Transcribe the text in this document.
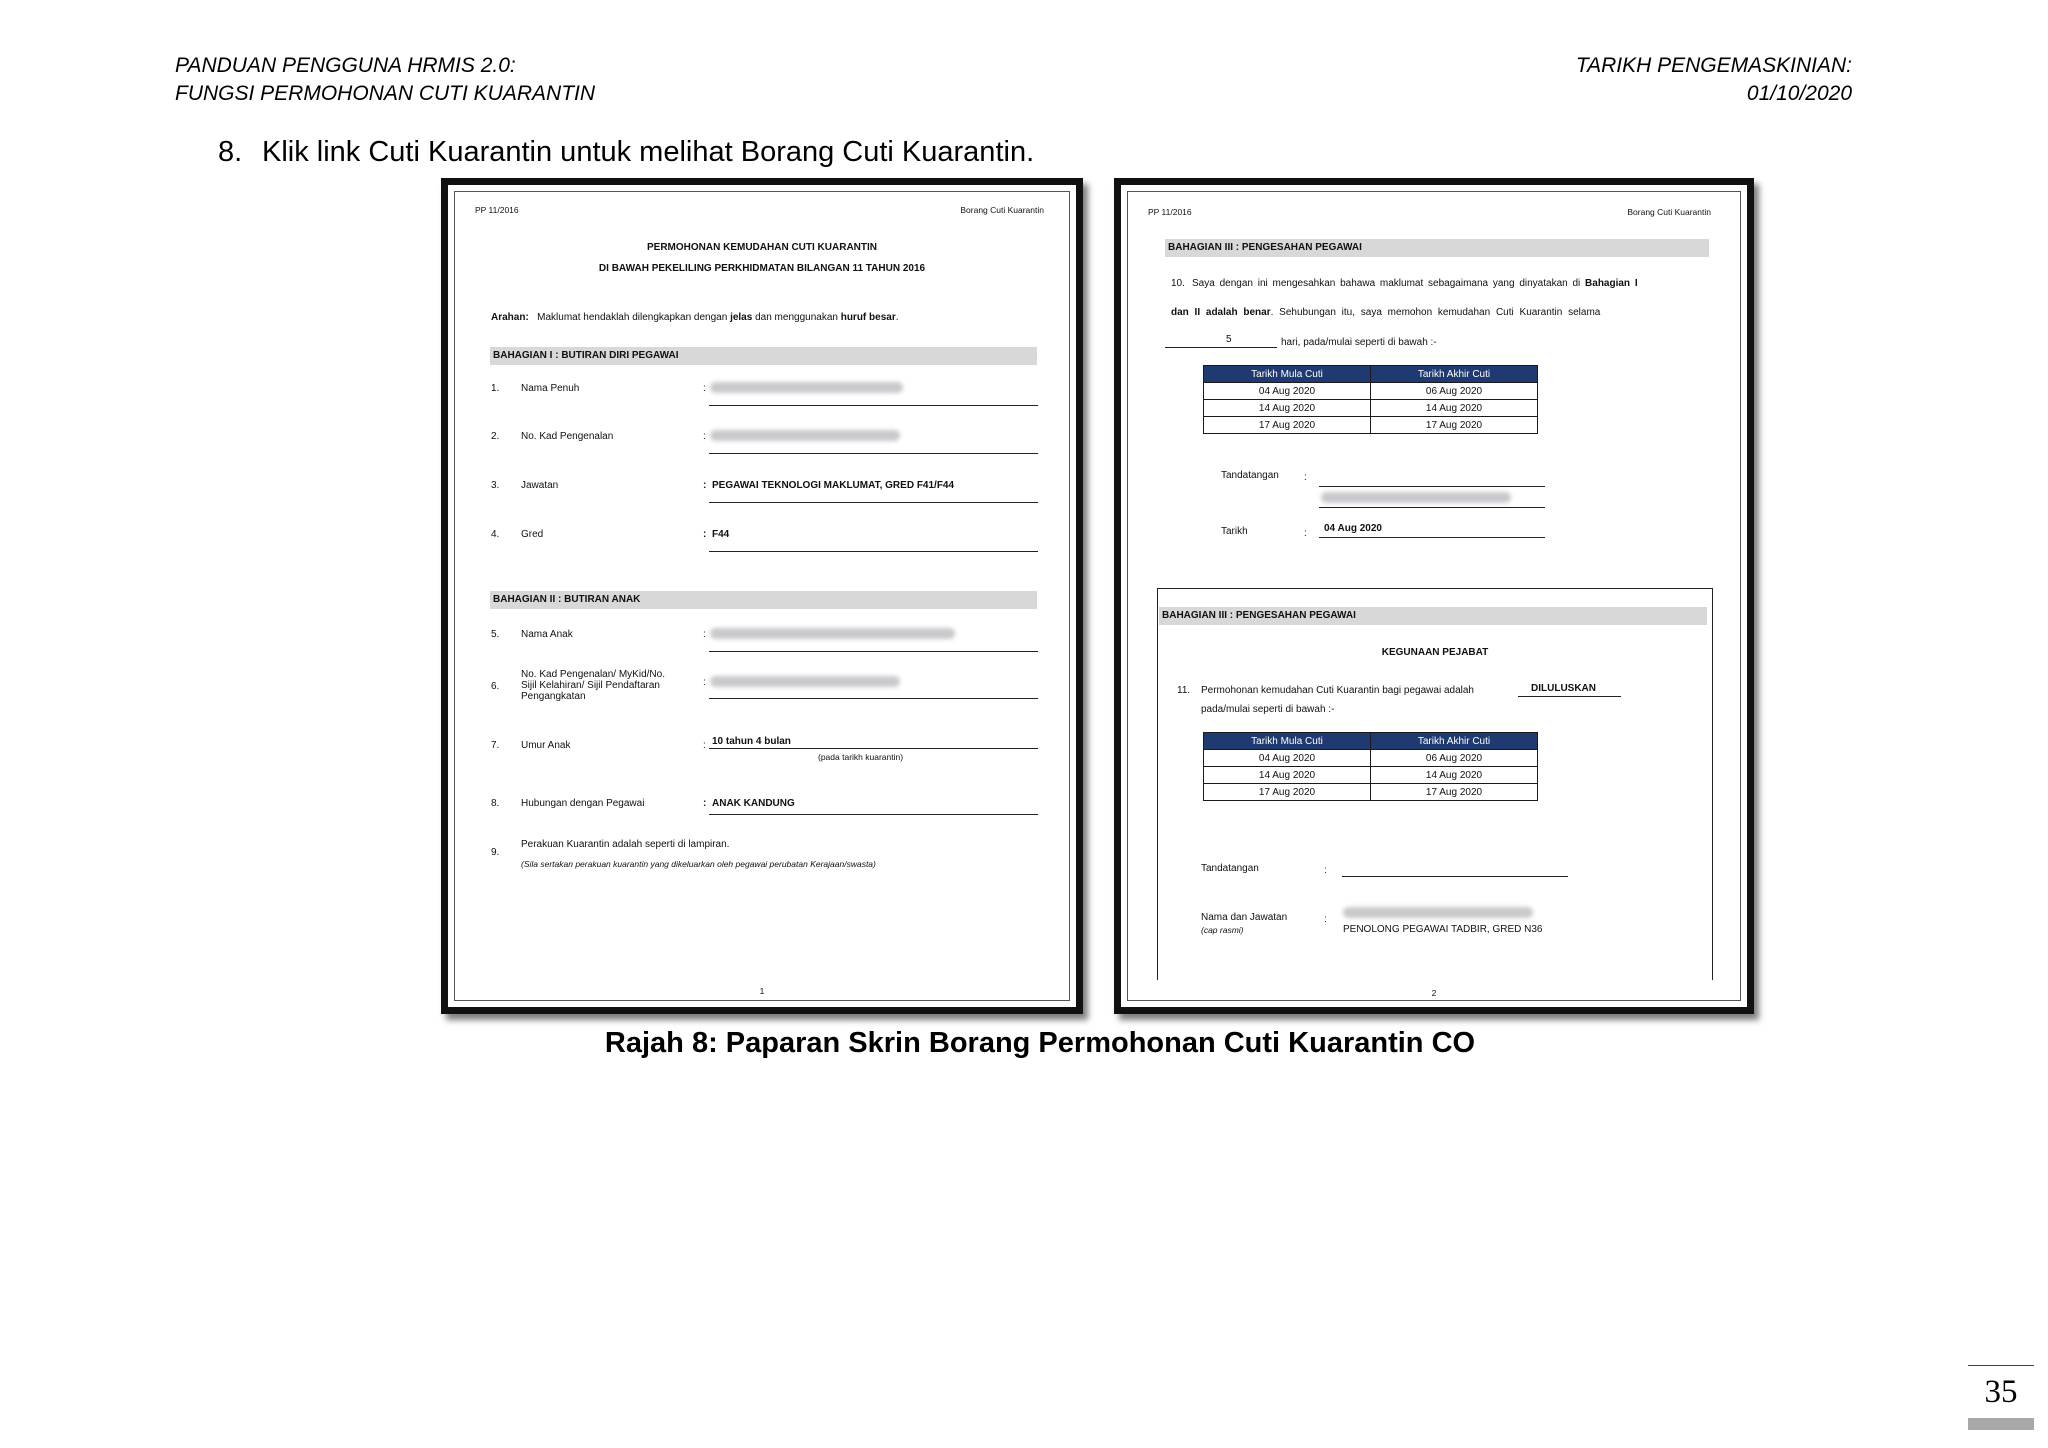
PANDUAN PENGGUNA HRMIS 2.0:
FUNGSI PERMOHONAN CUTI KUARANTIN
TARIKH PENGEMASKINIAN:
01/10/2020
8. Klik link Cuti Kuarantin untuk melihat Borang Cuti Kuarantin.
PP 11/2016	Borang Cuti Kuarantin
PERMOHONAN KEMUDAHAN CUTI KUARANTIN
DI BAWAH PEKELILING PERKHIDMATAN BILANGAN 11 TAHUN 2016
Arahan: Maklumat hendaklah dilengkapkan dengan jelas dan menggunakan huruf besar.
BAHAGIAN I : BUTIRAN DIRI PEGAWAI
1. Nama Penuh	:
2. No. Kad Pengenalan	:
3. Jawatan	: PEGAWAI TEKNOLOGI MAKLUMAT, GRED F41/F44
4. Gred	: F44
BAHAGIAN II : BUTIRAN ANAK
5. Nama Anak	:
6.
No. Kad Pengenalan/ MyKid/No.
Sijil Kelahiran/ Sijil Pendaftaran
Pengangkatan
:
7. Umur Anak	: 10 tahun 4 bulan
(pada tarikh kuarantin)
8. Hubungan dengan Pegawai	: ANAK KANDUNG
9.
Perakuan Kuarantin adalah seperti di lampiran.
(Sila sertakan perakuan kuarantin yang dikeluarkan oleh pegawai perubatan Kerajaan/swasta)
1
PP 11/2016	Borang Cuti Kuarantin
BAHAGIAN III : PENGESAHAN PEGAWAI
10. Saya dengan ini mengesahkan bahawa maklumat sebagaimana yang dinyatakan di Bahagian I
dan II adalah benar. Sehubungan itu, saya memohon kemudahan Cuti Kuarantin selama
5	hari, pada/mulai seperti di bawah :-
Tarikh Mula Cuti	Tarikh Akhir Cuti
04 Aug 2020	06 Aug 2020
14 Aug 2020	14 Aug 2020
17 Aug 2020	17 Aug 2020
Tandatangan	:
Tarikh	: 04 Aug 2020
BAHAGIAN III : PENGESAHAN PEGAWAI
KEGUNAAN PEJABAT
11. Permohonan kemudahan Cuti Kuarantin bagi pegawai adalah	DILULUSKAN
pada/mulai seperti di bawah :-
Tarikh Mula Cuti	Tarikh Akhir Cuti
04 Aug 2020	06 Aug 2020
14 Aug 2020	14 Aug 2020
17 Aug 2020	17 Aug 2020
Tandatangan	:
Nama dan Jawatan
(cap rasmi)
:
PENOLONG PEGAWAI TADBIR, GRED N36
2
Rajah 8: Paparan Skrin Borang Permohonan Cuti Kuarantin CO
35
